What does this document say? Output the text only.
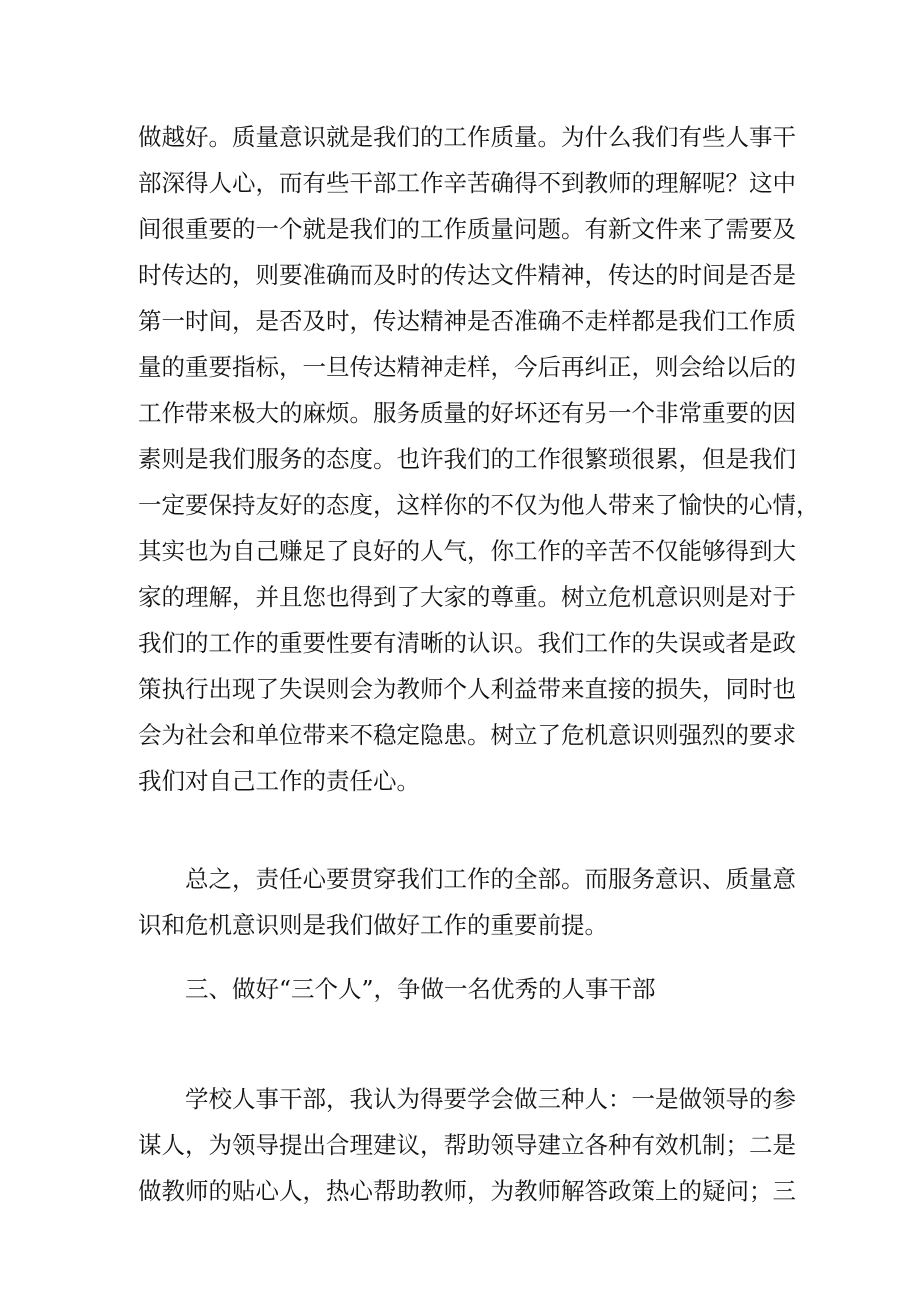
做越好。质量意识就是我们的工作质量。为什么我们有些人事干
部深得人心，而有些干部工作辛苦确得不到教师的理解呢？这中
间很重要的一个就是我们的工作质量问题。有新文件来了需要及
时传达的，则要准确而及时的传达文件精神，传达的时间是否是
第一时间，是否及时，传达精神是否准确不走样都是我们工作质
量的重要指标，一旦传达精神走样，今后再纠正，则会给以后的
工作带来极大的麻烦。服务质量的好坏还有另一个非常重要的因
素则是我们服务的态度。也许我们的工作很繁琐很累，但是我们
一定要保持友好的态度，这样你的不仅为他人带来了愉快的心情，
其实也为自己赚足了良好的人气，你工作的辛苦不仅能够得到大
家的理解，并且您也得到了大家的尊重。树立危机意识则是对于
我们的工作的重要性要有清晰的认识。我们工作的失误或者是政
策执行出现了失误则会为教师个人利益带来直接的损失，同时也
会为社会和单位带来不稳定隐患。树立了危机意识则强烈的要求
我们对自己工作的责任心。
总之，责任心要贯穿我们工作的全部。而服务意识、质量意
识和危机意识则是我们做好工作的重要前提。
三、做好“三个人”，争做一名优秀的人事干部
学校人事干部，我认为得要学会做三种人：一是做领导的参
谋人，为领导提出合理建议，帮助领导建立各种有效机制；二是
做教师的贴心人，热心帮助教师，为教师解答政策上的疑问；三
